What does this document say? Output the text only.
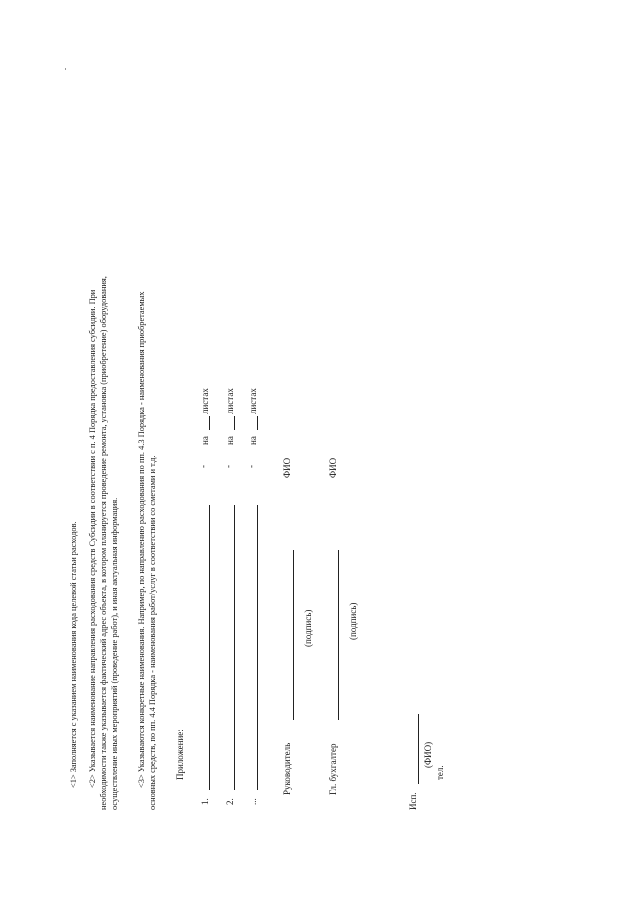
<1> Заполняется с указанием наименования кода целевой статьи расходов. <2> Указывается наименование направления расходования средств Субсидии в соответствии с п. 4 Порядка предоставления субсидии. При необходимости также указывается фактический адрес объекта, в котором планируется проведение ремонта, установка (приобретение) оборудования, осуществление иных мероприятий (проведение работ), и иная актуальная информация. <3> Указываются конкретные наименования. Например, по направлению расходования по пп. 4.3 Порядка - наименования приобретаемых основных средств, по пп. 4.4 Порядка - наименования работ/услуг в соответствии со сметами и т.д. Приложение:
1.
-
на
листах
2.
-
на
листах
...
-
на
листах
Руководитель
(подпись)
ФИО
Гл. бухгалтер
(подпись)
ФИО
Исп.
(ФИО)
тел.
